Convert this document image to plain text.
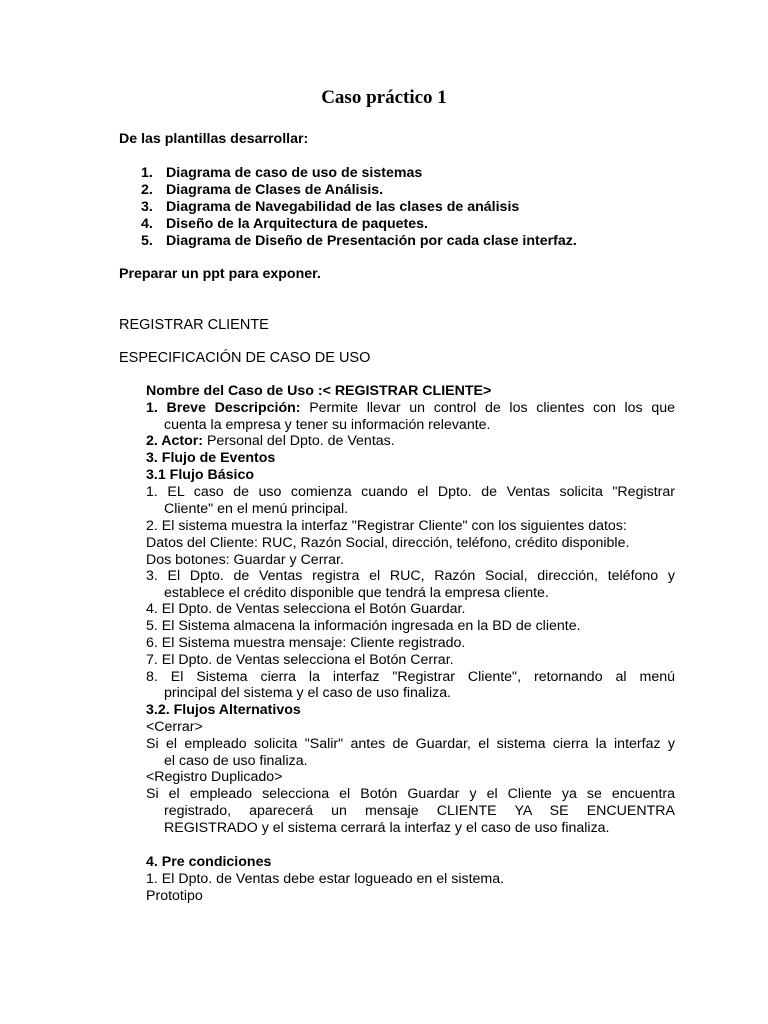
Caso práctico 1
De las plantillas desarrollar:
1. Diagrama de caso de uso de sistemas
2. Diagrama de Clases de Análisis.
3. Diagrama de Navegabilidad de las clases de análisis
4. Diseño de la Arquitectura de paquetes.
5. Diagrama de Diseño de Presentación por cada clase interfaz.
Preparar un ppt para exponer.
REGISTRAR CLIENTE
ESPECIFICACIÓN DE CASO DE USO
Nombre del Caso de Uso :< REGISTRAR CLIENTE>
1. Breve Descripción: Permite llevar un control de los clientes con los que
cuenta la empresa y tener su información relevante.
2. Actor: Personal del Dpto. de Ventas.
3. Flujo de Eventos
3.1 Flujo Básico
1. EL caso de uso comienza cuando el Dpto. de Ventas solicita "Registrar
Cliente" en el menú principal.
2. El sistema muestra la interfaz "Registrar Cliente" con los siguientes datos:
Datos del Cliente: RUC, Razón Social, dirección, teléfono, crédito disponible.
Dos botones: Guardar y Cerrar.
3. El Dpto. de Ventas registra el RUC, Razón Social, dirección, teléfono y
establece el crédito disponible que tendrá la empresa cliente.
4. El Dpto. de Ventas selecciona el Botón Guardar.
5. El Sistema almacena la información ingresada en la BD de cliente.
6. El Sistema muestra mensaje: Cliente registrado.
7. El Dpto. de Ventas selecciona el Botón Cerrar.
8. El Sistema cierra la interfaz "Registrar Cliente", retornando al menú
principal del sistema y el caso de uso finaliza.
3.2. Flujos Alternativos
<Cerrar>
Si el empleado solicita "Salir" antes de Guardar, el sistema cierra la interfaz y
el caso de uso finaliza.
<Registro Duplicado>
Si el empleado selecciona el Botón Guardar y el Cliente ya se encuentra
registrado, aparecerá un mensaje CLIENTE YA SE ENCUENTRA
REGISTRADO y el sistema cerrará la interfaz y el caso de uso finaliza.
4. Pre condiciones
1. El Dpto. de Ventas debe estar logueado en el sistema.
Prototipo
